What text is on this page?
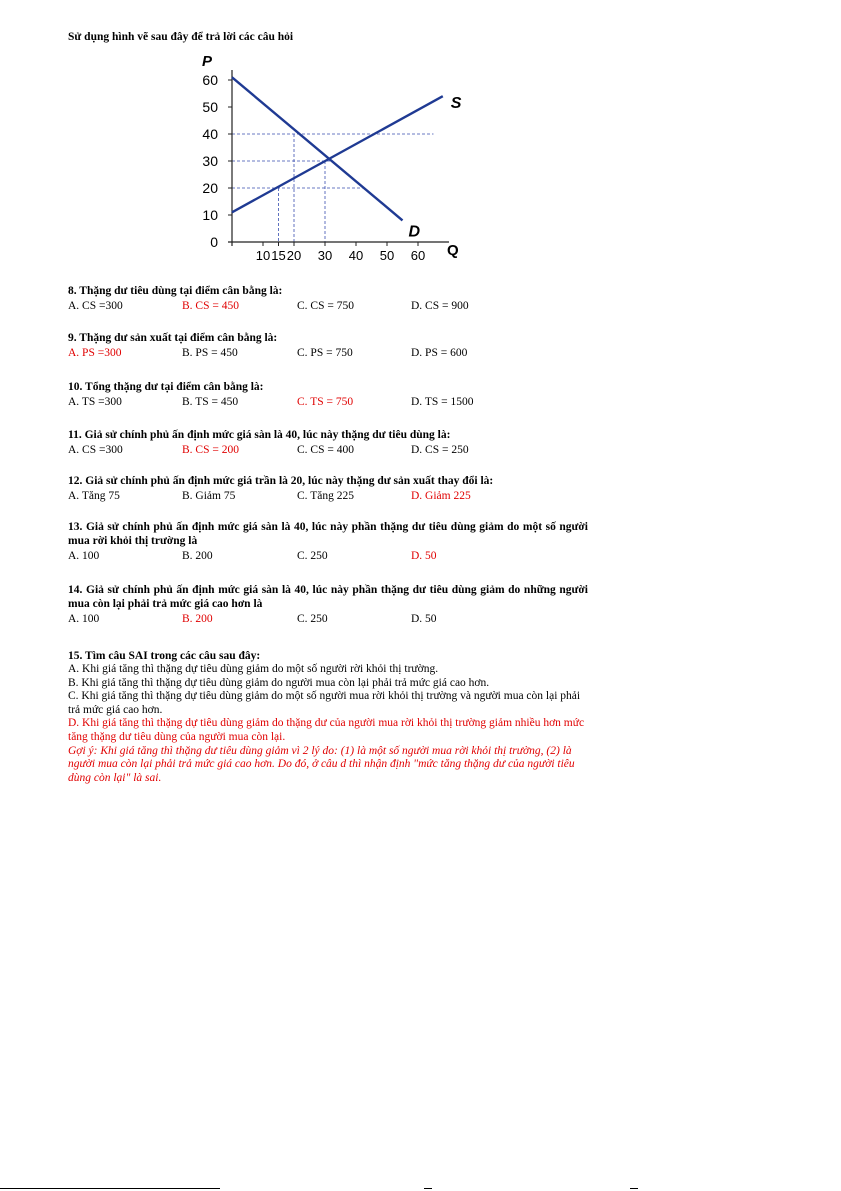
Sử dụng hình vẽ sau đây để trả lời các câu hỏi
0
10
20
30
40
50
60
10 15 20 30 40 50 60
P
Q
S
D
8. Thặng dư tiêu dùng tại điểm cân bằng là:
A. CS =300	B. CS = 450	C. CS = 750	D. CS = 900
9. Thặng dư sản xuất tại điểm cân bằng là:
A. PS =300	B. PS = 450	C. PS = 750	D. PS = 600
10. Tổng thặng dư tại điểm cân bằng là:
A. TS =300	B. TS = 450	C. TS = 750	D. TS = 1500
11. Giả sử chính phủ ấn định mức giá sàn là 40, lúc này thặng dư tiêu dùng là:
A. CS =300	B. CS = 200	C. CS = 400	D. CS = 250
12. Giả sử chính phủ ấn định mức giá trần là 20, lúc này thặng dư sản xuất thay đổi là:
A. Tăng 75	B. Giảm 75	C. Tăng 225	D. Giảm 225
13. Giả sử chính phủ ấn định mức giá sàn là 40, lúc này phần thặng dư tiêu dùng giảm do một số người mua rời khỏi thị trường là
A. 100	B. 200	C. 250	D. 50
14. Giả sử chính phủ ấn định mức giá sàn là 40, lúc này phần thặng dư tiêu dùng giảm do những người mua còn lại phải trả mức giá cao hơn là
A. 100	B. 200	C. 250	D. 50
15. Tìm câu SAI trong các câu sau đây:
A. Khi giá tăng thì thặng dự tiêu dùng giảm do một số người rời khỏi thị trường.
B. Khi giá tăng thì thặng dự tiêu dùng giảm do người mua còn lại phải trả mức giá cao hơn.
C. Khi giá tăng thì thặng dự tiêu dùng giảm do một số người mua rời khỏi thị trường và người mua còn lại phải trả mức giá cao hơn.
D. Khi giá tăng thì thặng dự tiêu dùng giảm do thặng dư của người mua rời khỏi thị trường giảm nhiều hơn mức tăng thặng dư tiêu dùng của người mua còn lại.
Gợi ý: Khi giá tăng thì thặng dư tiêu dùng giảm vì 2 lý do: (1) là một số người mua rời khỏi thị trường, (2) là người mua còn lại phải trả mức giá cao hơn. Do đó, ở câu d thì nhận định "mức tăng thặng dư của người tiêu dùng còn lại" là sai.
